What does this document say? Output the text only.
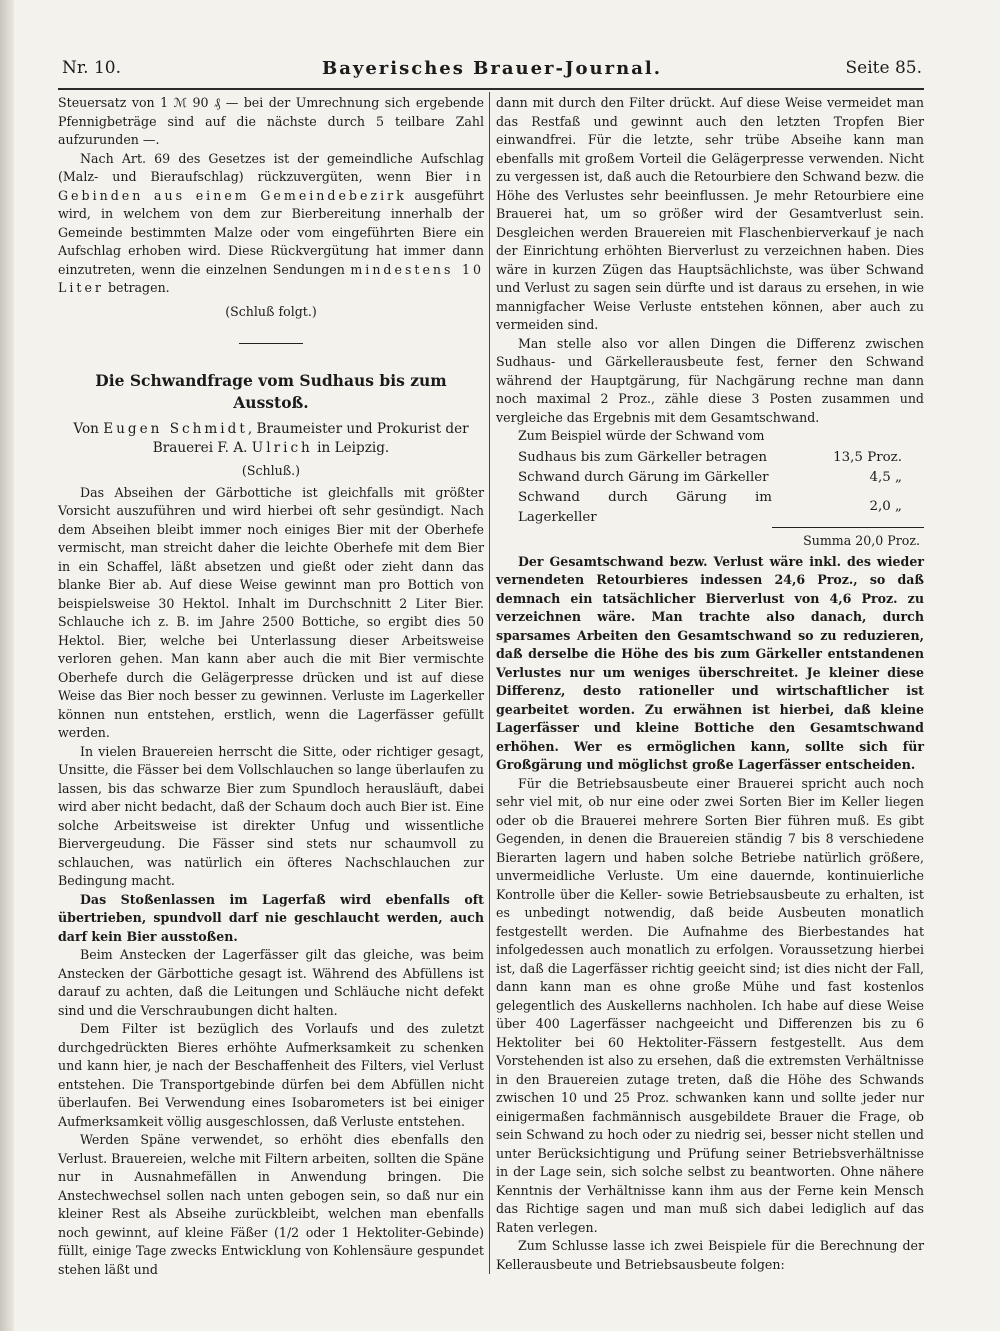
Nr. 10.	Bayerisches Brauer-Journal.	Seite 85.

Steuersatz von 1 ℳ 90 ₰ — bei der Umrechnung sich ergebende Pfennigbeträge sind auf die nächste durch 5 teilbare Zahl aufzurunden —.

Nach Art. 69 des Gesetzes ist der gemeindliche Aufschlag (Malz- und Bieraufschlag) rückzuvergüten, wenn Bier in Gebinden aus einem Gemeindebezirk ausgeführt wird, in welchem von dem zur Bierbereitung innerhalb der Gemeinde bestimmten Malze oder vom eingeführten Biere ein Aufschlag erhoben wird. Diese Rückvergütung hat immer dann einzutreten, wenn die einzelnen Sendungen mindestens 10 Liter betragen.

(Schluß folgt.)

Die Schwandfrage vom Sudhaus bis zum Ausstoß.

Von Eugen Schmidt, Braumeister und Prokurist der Brauerei F. A. Ulrich in Leipzig.

(Schluß.)

Das Abseihen der Gärbottiche ist gleichfalls mit größter Vorsicht auszuführen und wird hierbei oft sehr gesündigt. Nach dem Abseihen bleibt immer noch einiges Bier mit der Oberhefe vermischt, man streicht daher die leichte Oberhefe mit dem Bier in ein Schaffel, läßt absetzen und gießt oder zieht dann das blanke Bier ab. Auf diese Weise gewinnt man pro Bottich von beispielsweise 30 Hektol. Inhalt im Durchschnitt 2 Liter Bier. Schlauche ich z. B. im Jahre 2500 Bottiche, so ergibt dies 50 Hektol. Bier, welche bei Unterlassung dieser Arbeitsweise verloren gehen. Man kann aber auch die mit Bier vermischte Oberhefe durch die Gelägerpresse drücken und ist auf diese Weise das Bier noch besser zu gewinnen. Verluste im Lagerkeller können nun entstehen, erstlich, wenn die Lagerfässer gefüllt werden.

In vielen Brauereien herrscht die Sitte, oder richtiger gesagt, Unsitte, die Fässer bei dem Vollschlauchen so lange überlaufen zu lassen, bis das schwarze Bier zum Spundloch herausläuft, dabei wird aber nicht bedacht, daß der Schaum doch auch Bier ist. Eine solche Arbeitsweise ist direkter Unfug und wissentliche Biervergeudung. Die Fässer sind stets nur schaumvoll zu schlauchen, was natürlich ein öfteres Nachschlauchen zur Bedingung macht.

Das Stoßenlassen im Lagerfaß wird ebenfalls oft übertrieben, spundvoll darf nie geschlaucht werden, auch darf kein Bier ausstoßen.

Beim Anstecken der Lagerfässer gilt das gleiche, was beim Anstecken der Gärbottiche gesagt ist. Während des Abfüllens ist darauf zu achten, daß die Leitungen und Schläuche nicht defekt sind und die Verschraubungen dicht halten.

Dem Filter ist bezüglich des Vorlaufs und des zuletzt durchgedrückten Bieres erhöhte Aufmerksamkeit zu schenken und kann hier, je nach der Beschaffenheit des Filters, viel Verlust entstehen. Die Transportgebinde dürfen bei dem Abfüllen nicht überlaufen. Bei Verwendung eines Isobarometers ist bei einiger Aufmerksamkeit völlig ausgeschlossen, daß Verluste entstehen.

Werden Späne verwendet, so erhöht dies ebenfalls den Verlust. Brauereien, welche mit Filtern arbeiten, sollten die Späne nur in Ausnahmefällen in Anwendung bringen. Die Anstechwechsel sollen nach unten gebogen sein, so daß nur ein kleiner Rest als Abseihe zurückbleibt, welchen man ebenfalls noch gewinnt, auf kleine Fäßer (1/2 oder 1 Hektoliter-Gebinde) füllt, einige Tage zwecks Entwicklung von Kohlensäure gespundet stehen läßt und

dann mit durch den Filter drückt. Auf diese Weise vermeidet man das Restfaß und gewinnt auch den letzten Tropfen Bier einwandfrei. Für die letzte, sehr trübe Abseihe kann man ebenfalls mit großem Vorteil die Gelägerpresse verwenden. Nicht zu vergessen ist, daß auch die Retourbiere den Schwand bezw. die Höhe des Verlustes sehr beeinflussen. Je mehr Retourbiere eine Brauerei hat, um so größer wird der Gesamtverlust sein. Desgleichen werden Brauereien mit Flaschenbierverkauf je nach der Einrichtung erhöhten Bierverlust zu verzeichnen haben. Dies wäre in kurzen Zügen das Hauptsächlichste, was über Schwand und Verlust zu sagen sein dürfte und ist daraus zu ersehen, in wie mannigfacher Weise Verluste entstehen können, aber auch zu vermeiden sind.

Man stelle also vor allen Dingen die Differenz zwischen Sudhaus- und Gärkellerausbeute fest, ferner den Schwand während der Hauptgärung, für Nachgärung rechne man dann noch maximal 2 Proz., zähle diese 3 Posten zusammen und vergleiche das Ergebnis mit dem Gesamtschwand.

Zum Beispiel würde der Schwand vom

Sudhaus bis zum Gärkeller betragen	13,5 Proz.
Schwand durch Gärung im Gärkeller	4,5 „
Schwand durch Gärung im Lagerkeller	2,0 „

Summa 20,0 Proz.

Der Gesamtschwand bezw. Verlust wäre inkl. des wieder vernendeten Retourbieres indessen 24,6 Proz., so daß demnach ein tatsächlicher Bierverlust von 4,6 Proz. zu verzeichnen wäre. Man trachte also danach, durch sparsames Arbeiten den Gesamtschwand so zu reduzieren, daß derselbe die Höhe des bis zum Gärkeller entstandenen Verlustes nur um weniges überschreitet. Je kleiner diese Differenz, desto rationeller und wirtschaftlicher ist gearbeitet worden. Zu erwähnen ist hierbei, daß kleine Lagerfässer und kleine Bottiche den Gesamtschwand erhöhen. Wer es ermöglichen kann, sollte sich für Großgärung und möglichst große Lagerfässer entscheiden.

Für die Betriebsausbeute einer Brauerei spricht auch noch sehr viel mit, ob nur eine oder zwei Sorten Bier im Keller liegen oder ob die Brauerei mehrere Sorten Bier führen muß. Es gibt Gegenden, in denen die Brauereien ständig 7 bis 8 verschiedene Bierarten lagern und haben solche Betriebe natürlich größere, unvermeidliche Verluste. Um eine dauernde, kontinuierliche Kontrolle über die Keller- sowie Betriebsausbeute zu erhalten, ist es unbedingt notwendig, daß beide Ausbeuten monatlich festgestellt werden. Die Aufnahme des Bierbestandes hat infolgedessen auch monatlich zu erfolgen. Voraussetzung hierbei ist, daß die Lagerfässer richtig geeicht sind; ist dies nicht der Fall, dann kann man es ohne große Mühe und fast kostenlos gelegentlich des Auskellerns nachholen. Ich habe auf diese Weise über 400 Lagerfässer nachgeeicht und Differenzen bis zu 6 Hektoliter bei 60 Hektoliter-Fässern festgestellt. Aus dem Vorstehenden ist also zu ersehen, daß die extremsten Verhältnisse in den Brauereien zutage treten, daß die Höhe des Schwands zwischen 10 und 25 Proz. schwanken kann und sollte jeder nur einigermaßen fachmännisch ausgebildete Brauer die Frage, ob sein Schwand zu hoch oder zu niedrig sei, besser nicht stellen und unter Berücksichtigung und Prüfung seiner Betriebsverhältnisse in der Lage sein, sich solche selbst zu beantworten. Ohne nähere Kenntnis der Verhältnisse kann ihm aus der Ferne kein Mensch das Richtige sagen und man muß sich dabei lediglich auf das Raten verlegen.

Zum Schlusse lasse ich zwei Beispiele für die Berechnung der Kellerausbeute und Betriebsausbeute folgen:
